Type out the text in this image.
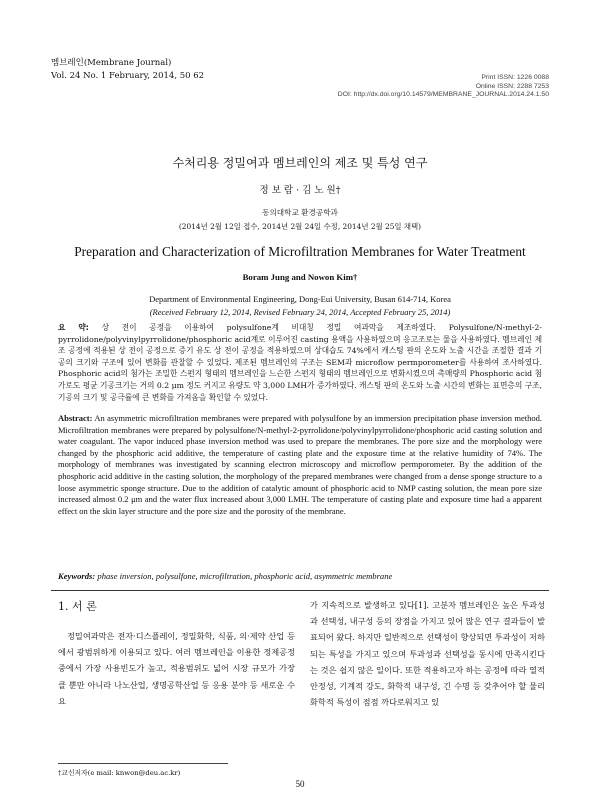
멤브레인(Membrane Journal)
Vol. 24 No. 1 February, 2014, 50 62	Print ISSN: 1226 0088
Online ISSN: 2288 7253
DOI: http://dx.doi.org/10.14579/MEMBRANE_JOURNAL.2014.24.1.50
수처리용 정밀여과 멤브레인의 제조 및 특성 연구
정 보 람 · 김 노 원†
동의대학교 환경공학과
(2014년 2월 12일 접수, 2014년 2월 24일 수정, 2014년 2월 25일 채택)
Preparation and Characterization of Microfiltration Membranes for Water Treatment
Boram Jung and Nowon Kim†
Department of Environmental Engineering, Dong-Eui University, Busan 614-714, Korea
(Received February 12, 2014, Revised February 24, 2014, Accepted February 25, 2014)
요 약: 상 전이 공정을 이용하여 polysulfone계 비대칭 정밀 여과막을 제조하였다. Polysulfone/N-methyl-2-pyrrolidone/polyvinylpyrrolidone/phosphoric acid계로 이루어진 casting 용액을 사용하였으며 응고조로는 물을 사용하였다. 멤브레인 제조 공정에 적용된 상 전이 공정으로 증기 유도 상 전이 공정을 적용하였으며 상대습도 74%에서 캐스팅 판의 온도와 노출 시간을 조절한 결과 기공의 크기와 구조에 있어 변화를 관찰할 수 있었다. 제조된 멤브레인의 구조는 SEM과 microflow permporometer를 사용하여 조사하였다. Phosphoric acid의 첨가는 조밀한 스펀지 형태의 멤브레인을 느슨한 스펀지 형태의 멤브레인으로 변화시켰으며 촉매량의 Phosphoric acid 첨가로도 평균 기공크기는 거의 0.2 μm 정도 커지고 유량도 약 3,000 LMH가 증가하였다. 캐스팅 판의 온도와 노출 시간의 변화는 표면층의 구조, 기공의 크기 및 공극률에 큰 변화를 가져옴을 확인할 수 있었다.
Abstract: An asymmetric microfiltration membranes were prepared with polysulfone by an immersion precipitation phase inversion method. Microfiltration membranes were prepared by polysulfone/N-methyl-2-pyrrolidone/polyvinylpyrrolidone/phosphoric acid casting solution and water coagulant. The vapor induced phase inversion method was used to prepare the membranes. The pore size and the morphology were changed by the phosphoric acid additive, the temperature of casting plate and the exposure time at the relative humidity of 74%. The morphology of membranes was investigated by scanning electron microscopy and microflow permporometer. By the addition of the phosphoric acid additive in the casting solution, the morphology of the prepared membranes were changed from a dense sponge structure to a loose asymmetric sponge structure. Due to the addition of catalytic amount of phosphoric acid to NMP casting solution, the mean pore size increased almost 0.2 μm and the water flux increased about 3,000 LMH. The temperature of casting plate and exposure time had a apparent effect on the skin layer structure and the pore size and the porosity of the membrane.
Keywords: phase inversion, polysulfone, microfiltration, phosphoric acid, asymmetric membrane
1. 서 론

정밀여과막은 전자·디스플레이, 정밀화학, 식품, 의·제약 산업 등에서 광범위하게 이용되고 있다. 여러 멤브레인을 이용한 정제공정 중에서 가장 사용빈도가 높고, 적용범위도 넓어 시장 규모가 가장 클 뿐만 아니라 나노산업, 생명공학산업 등 응용 분야 등 새로운 수요

가 지속적으로 발생하고 있다[1]. 고분자 멤브레인은 높은 투과성과 선택성, 내구성 등의 장점을 가지고 있어 많은 연구 결과들이 발표되어 왔다. 하지만 일반적으로 선택성이 향상되면 투과성이 저하되는 특성을 가지고 있으며 투과성과 선택성을 동시에 만족시킨다는 것은 쉽지 않은 일이다. 또한 적용하고자 하는 공정에 따라 열적 안정성, 기계적 강도, 화학적 내구성, 긴 수명 등 갖추어야 할 물리 화학적 특성이 점점 까다로워지고 있

†교신저자(e mail: knwon@deu.ac.kr)
50
